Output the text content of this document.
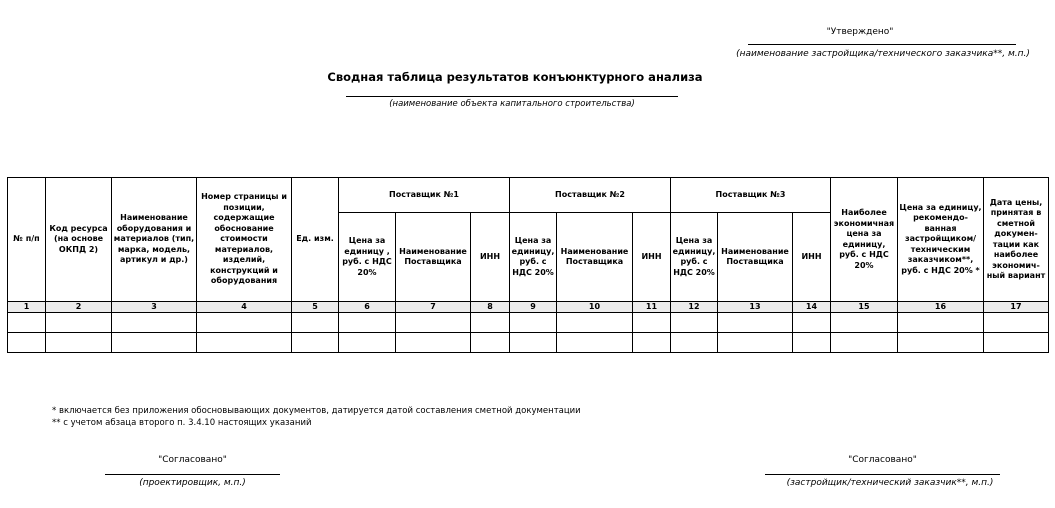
"Утверждено"
(наименование застройщика/технического заказчика**, м.п.)
Сводная таблица результатов конъюнктурного анализа
(наименование объекта капитального строительства)
№ п/п	Код ресурса (на основе ОКПД 2)	Наименование оборудования и материалов (тип, марка, модель, артикул и др.)	Номер страницы и позиции, содержащие обоснование стоимости материалов, изделий, конструкций и оборудования	Ед. изм.	Поставщик №1			Поставщик №2			Поставщик №3			Наиболее экономичная цена за единицу, руб. с НДС 20%	Цена за единицу, рекомендо-ванная застройщиком/ техническим заказчиком**, руб. с НДС 20% *	Дата цены, принятая в сметной докумен-тации как наиболее экономич-ный вариант
					Цена за единицу , руб. с НДС 20%	Наименование Поставщика	ИНН	Цена за единицу, руб. с НДС 20%	Наименование Поставщика	ИНН	Цена за единицу, руб. с НДС 20%	Наименование Поставщика	ИНН			
1	2	3	4	5	6	7	8	9	10	11	12	13	14	15	16	17

* включается без приложения обосновывающих документов, датируется датой составления сметной документации
** с учетом абзаца второго п. 3.4.10 настоящих указаний
"Согласовано"
(проектировщик, м.п.)
"Согласовано"
(застройщик/технический заказчик**, м.п.)
